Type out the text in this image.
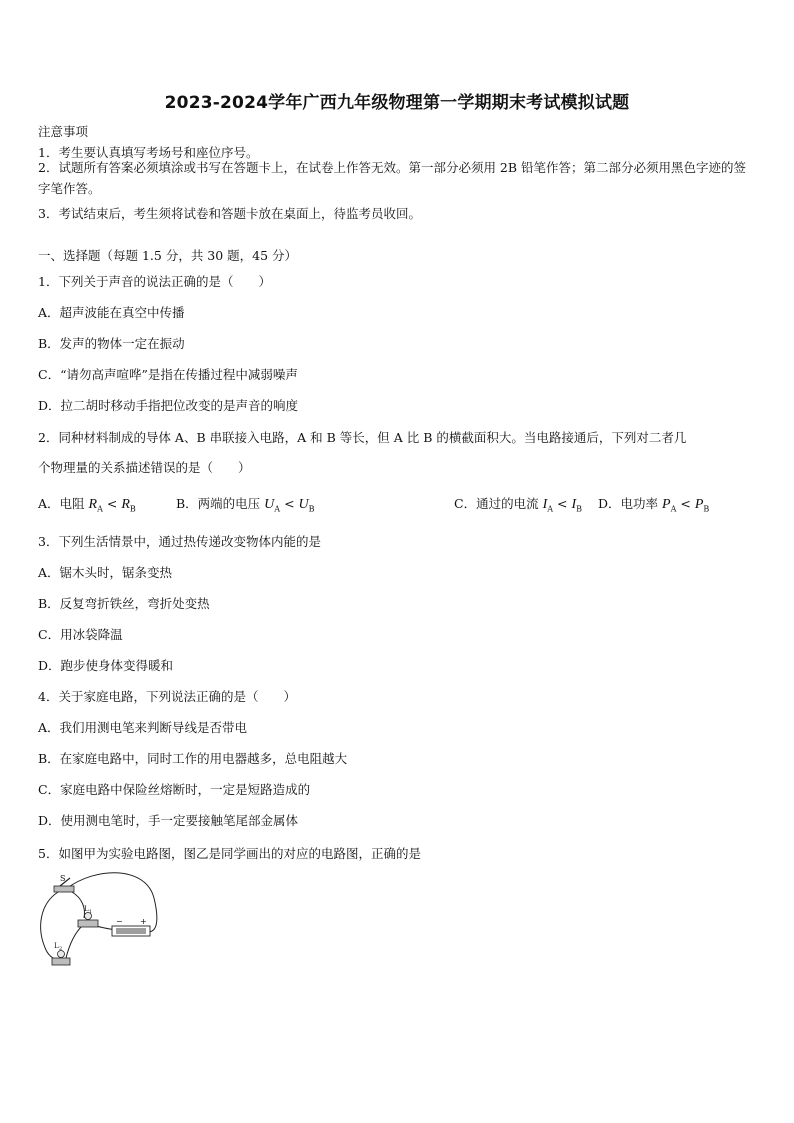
2023-2024学年广西九年级物理第一学期期末考试模拟试题
注意事项
1．考生要认真填写考场号和座位序号。
2．试题所有答案必须填涂或书写在答题卡上，在试卷上作答无效。第一部分必须用 2B 铅笔作答；第二部分必须用黑色字迹的签字笔作答。
3．考试结束后，考生须将试卷和答题卡放在桌面上，待监考员收回。
一、选择题（每题 1.5 分，共 30 题，45 分）
1．下列关于声音的说法正确的是（　　）
A．超声波能在真空中传播
B．发声的物体一定在振动
C．“请勿高声喧哗”是指在传播过程中减弱噪声
D．拉二胡时移动手指把位改变的是声音的响度
2．同种材料制成的导体 A、B 串联接入电路，A 和 B 等长，但 A 比 B 的横截面积大。当电路接通后，下列对二者几
个物理量的关系描述错误的是（　　）
A．电阻 $R_A < R_B$	B．两端的电压 $U_A < U_B$	C．通过的电流 $I_A < I_B$ D．电功率 $P_A < P_B$
3．下列生活情景中，通过热传递改变物体内能的是
A．锯木头时，锯条变热
B．反复弯折铁丝，弯折处变热
C．用冰袋降温
D．跑步使身体变得暖和
4．关于家庭电路，下列说法正确的是（　　）
A．我们用测电笔来判断导线是否带电
B．在家庭电路中，同时工作的用电器越多，总电阻越大
C．家庭电路中保险丝熔断时，一定是短路造成的
D．使用测电笔时，手一定要接触笔尾部金属体
5．如图甲为实验电路图，图乙是同学画出的对应的电路图，正确的是
S
L 1
− +
L 2
